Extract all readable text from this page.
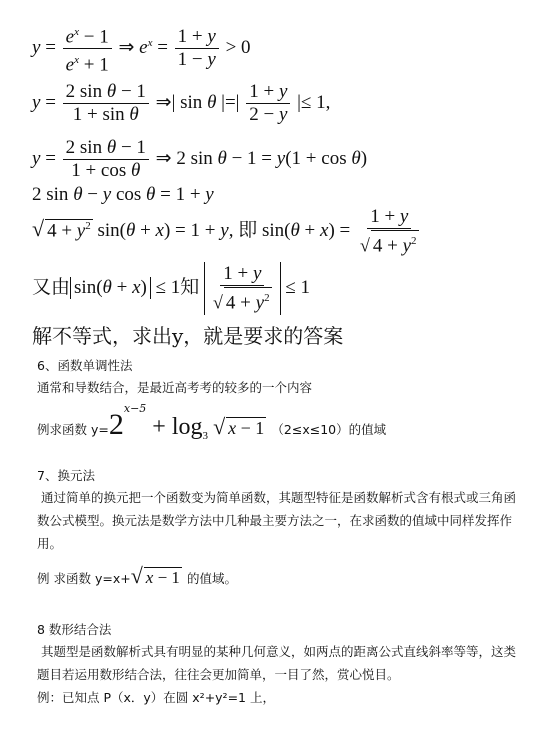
$y = \frac{e^x - 1}{e^x + 1}$ ⇒ $e^x = \frac{1 + y}{1 - y} > 0$
$y = \frac{\text{2 sin θ − 1}}{\text{1 + sin θ}}$ ⇒| sin θ |=| $\frac{1 + y}{2 - y}$ |≤ 1,
$y = \frac{\text{2 sin θ − 1}}{\text{1 + cos θ}}$ ⇒ 2 sin θ − 1 = y(1 + cos θ)
2 sin θ − y cos θ = 1 + y
√ $4 + y^2$ sin(θ + x) = 1 + y, 即 $\sin(\theta + x) = \frac{1 + y}{√ 4 + y^2}$
又由 sin(θ + x) ≤ 1知 $\frac{1 + y}{√ 4 + y^2} \le 1$
解不等式，求出y，就是要求的答案
6、函数单调性法
通常和导数结合，是最近高考考的较多的一个内容
例求函数 $y=2^{x-5} + \log_3$ √ x − 1 （2≤x≤10）的值域
7、换元法
通过简单的换元把一个函数变为简单函数，其题型特征是函数解析式含有根式或三角函数公式模型。换元法是数学方法中几种最主要方法之一，在求函数的值域中同样发挥作用。
例 求函数 y=x+√ x − 1 的值域。
8 数形结合法
其题型是函数解析式具有明显的某种几何意义，如两点的距离公式直线斜率等等，这类题目若运用数形结合法，往往会更加简单，一目了然，赏心悦目。
例：已知点 P（x．y）在圆 x²+y²=1 上，
